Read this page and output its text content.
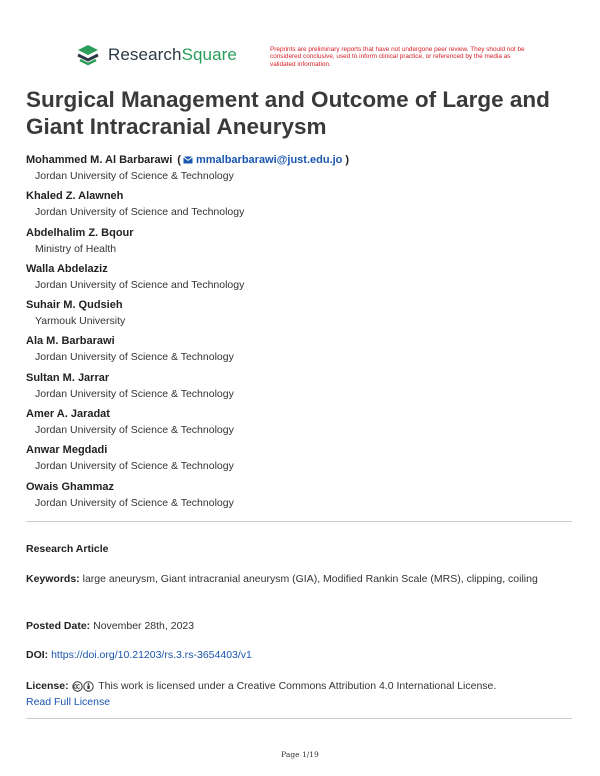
ResearchSquare	Preprints are preliminary reports that have not undergone peer review. They should not be considered conclusive, used to inform clinical practice, or referenced by the media as validated information.
Surgical Management and Outcome of Large and Giant Intracranial Aneurysm
Mohammed M. Al Barbarawi ( mmalbarbarawi@just.edu.jo )
Jordan University of Science & Technology
Khaled Z. Alawneh
Jordan University of Science and Technology
Abdelhalim Z. Bqour
Ministry of Health
Walla Abdelaziz
Jordan University of Science and Technology
Suhair M. Qudsieh
Yarmouk University
Ala M. Barbarawi
Jordan University of Science & Technology
Sultan M. Jarrar
Jordan University of Science & Technology
Amer A. Jaradat
Jordan University of Science & Technology
Anwar Megdadi
Jordan University of Science & Technology
Owais Ghammaz
Jordan University of Science & Technology
Research Article
Keywords: large aneurysm, Giant intracranial aneurysm (GIA), Modified Rankin Scale (MRS), clipping, coiling
Posted Date: November 28th, 2023
DOI: https://doi.org/10.21203/rs.3.rs-3654403/v1
License:	This work is licensed under a Creative Commons Attribution 4.0 International License.
Read Full License
Page 1/19
